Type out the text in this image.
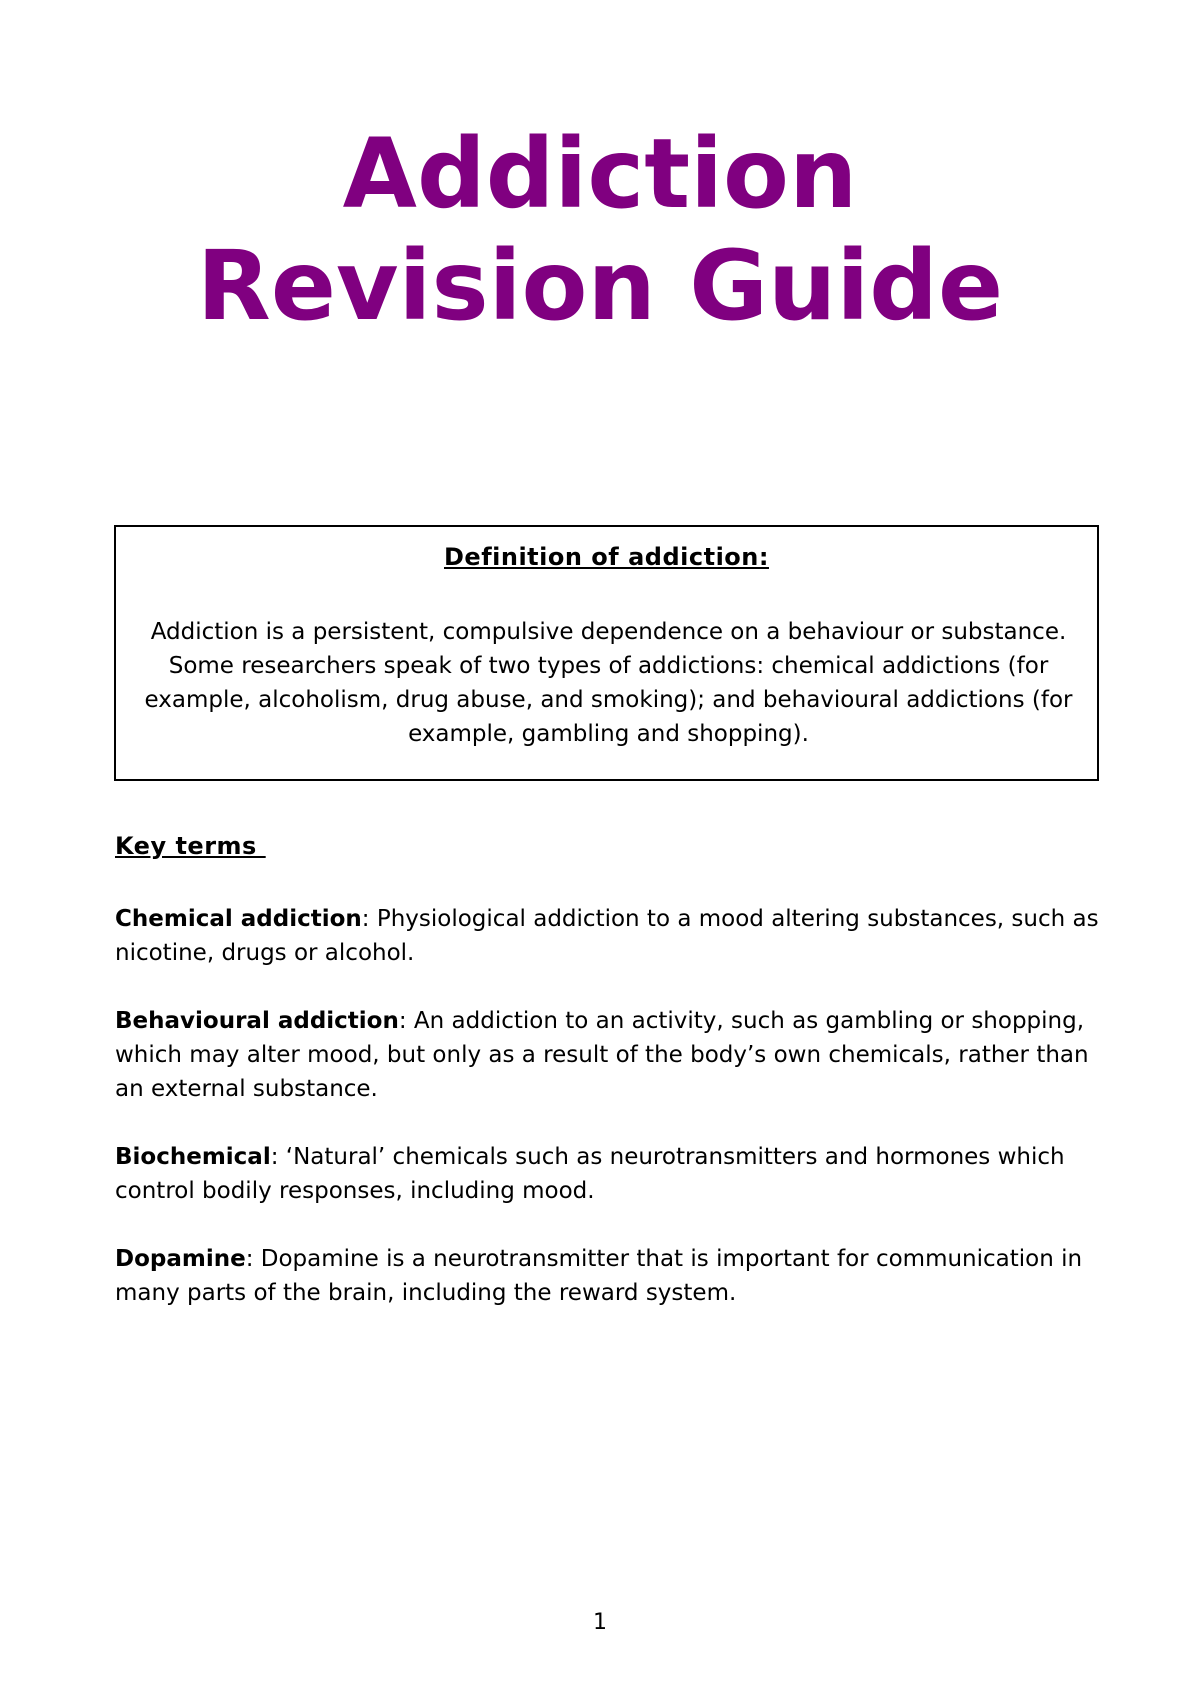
Addiction
Revision Guide
Definition of addiction:
Addiction is a persistent, compulsive dependence on a behaviour or substance. Some researchers speak of two types of addictions: chemical addictions (for example, alcoholism, drug abuse, and smoking); and behavioural addictions (for example, gambling and shopping).
Key terms

Chemical addiction: Physiological addiction to a mood altering substances, such as nicotine, drugs or alcohol.

Behavioural addiction: An addiction to an activity, such as gambling or shopping, which may alter mood, but only as a result of the body’s own chemicals, rather than an external substance.

Biochemical: ‘Natural’ chemicals such as neurotransmitters and hormones which control bodily responses, including mood.

Dopamine: Dopamine is a neurotransmitter that is important for communication in many parts of the brain, including the reward system.

1
